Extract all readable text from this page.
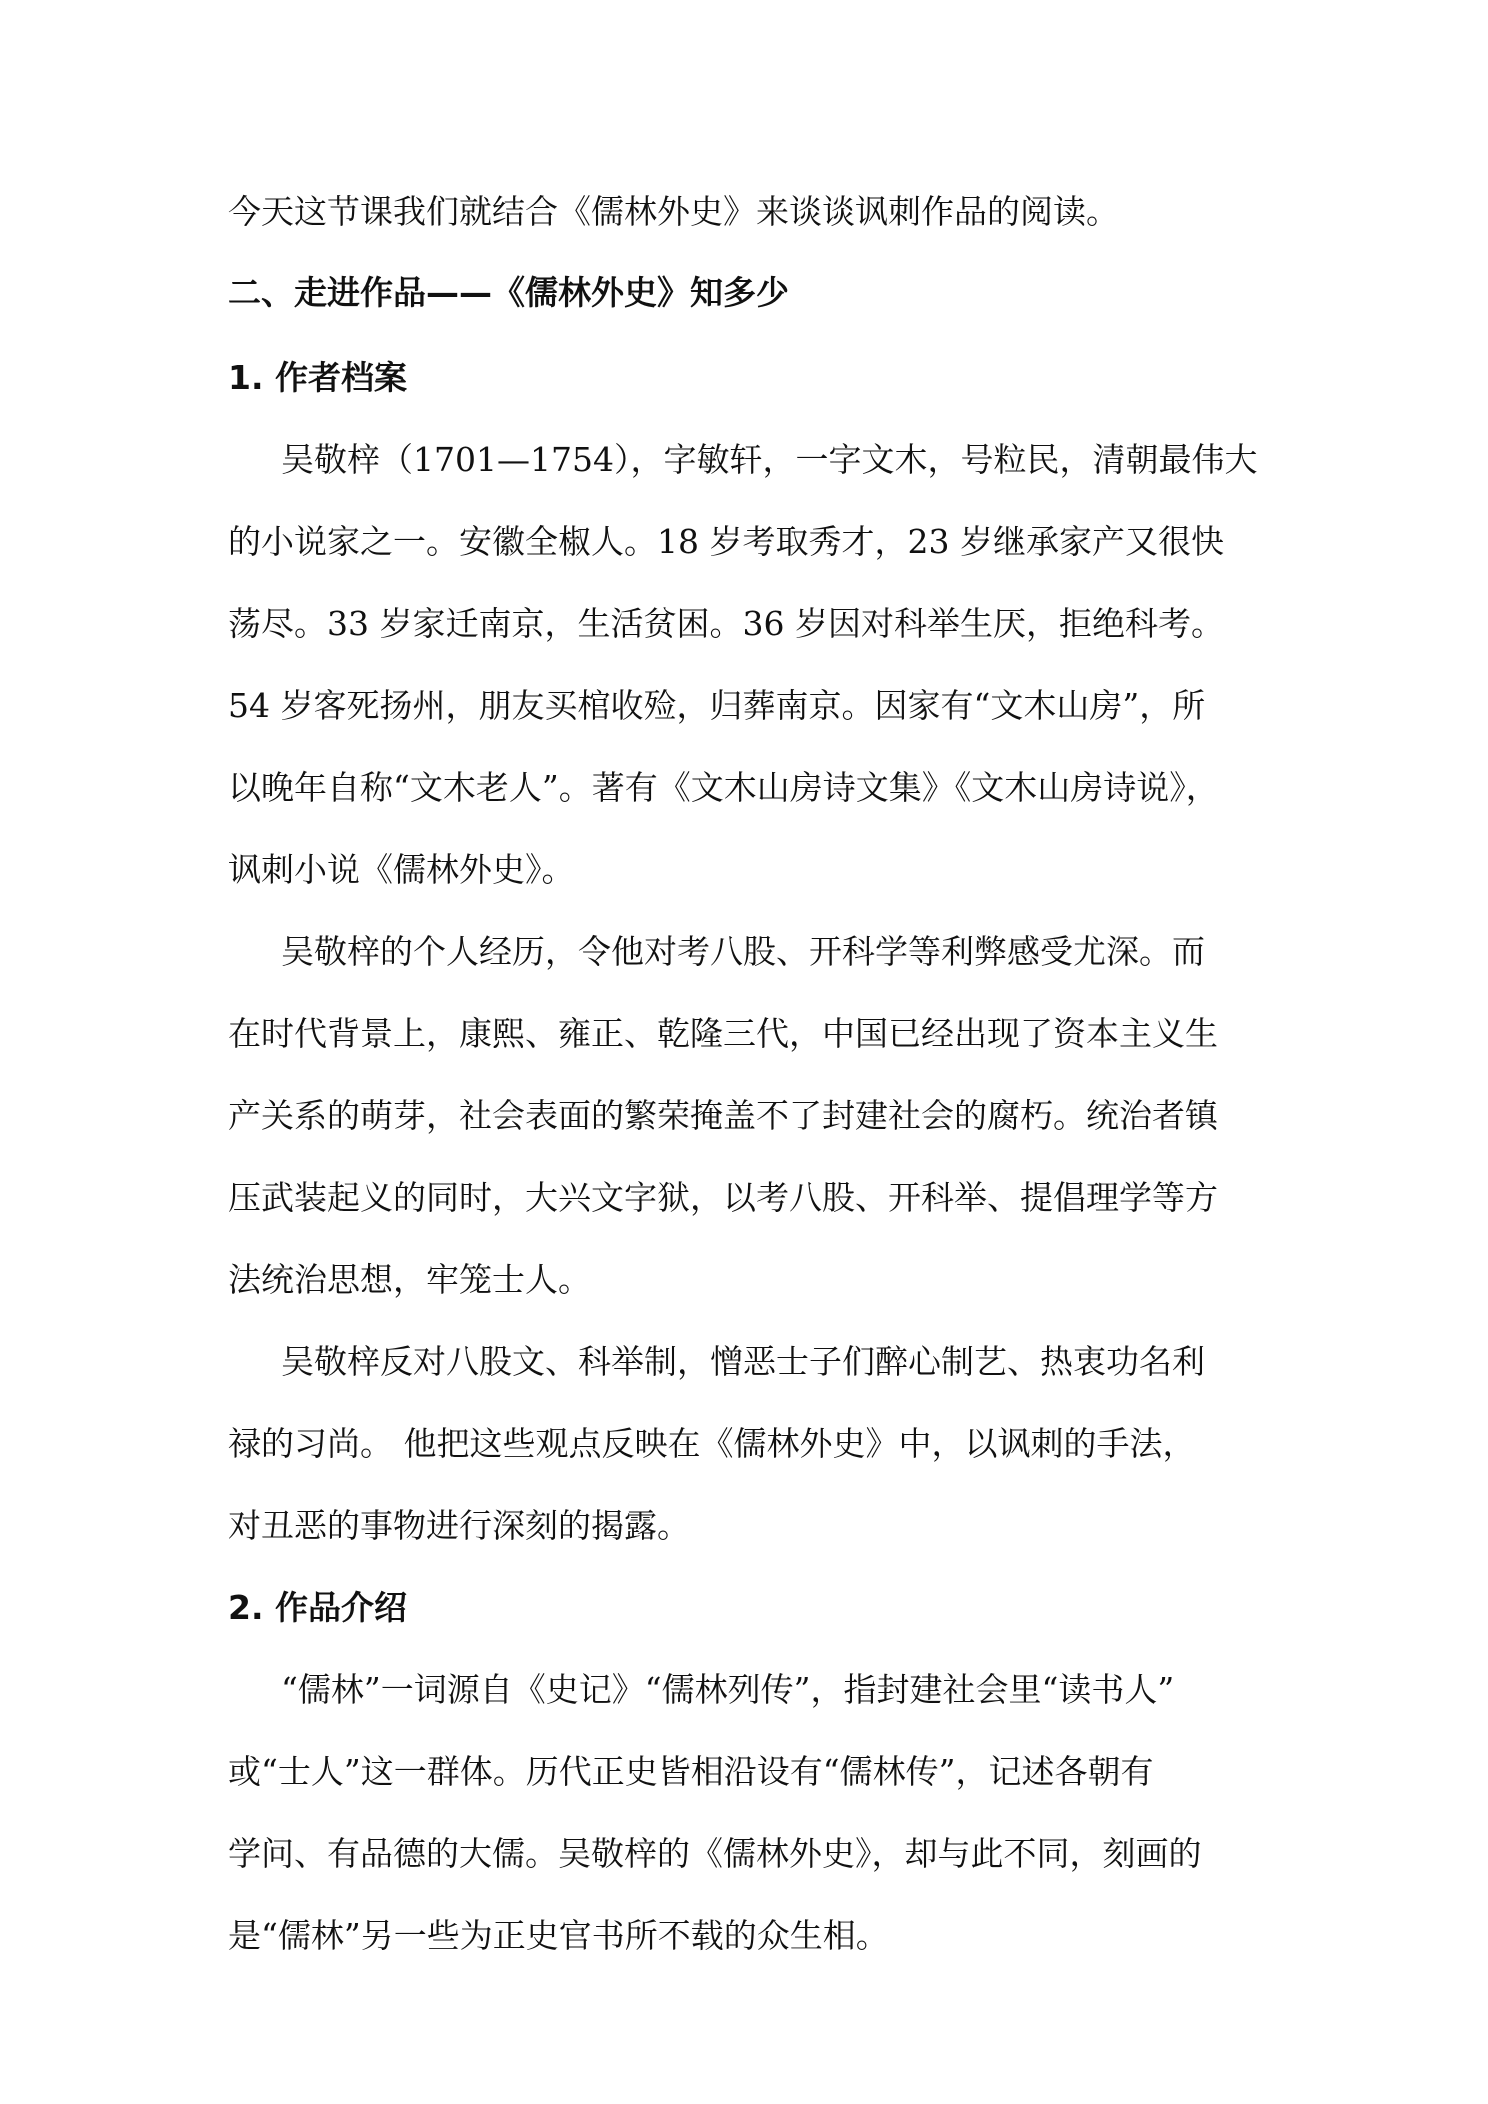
今天这节课我们就结合《儒林外史》来谈谈讽刺作品的阅读。
二、走进作品——《儒林外史》知多少
1. 作者档案
吴敬梓（1701—1754），字敏轩，一字文木，号粒民，清朝最伟大
的小说家之一。安徽全椒人。18 岁考取秀才，23 岁继承家产又很快
荡尽。33 岁家迁南京，生活贫困。36 岁因对科举生厌，拒绝科考。
54 岁客死扬州，朋友买棺收殓，归葬南京。因家有“文木山房”，所
以晚年自称“文木老人”。著有《文木山房诗文集》《文木山房诗说》，
讽刺小说《儒林外史》。
吴敬梓的个人经历，令他对考八股、开科学等利弊感受尤深。而
在时代背景上，康熙、雍正、乾隆三代，中国已经出现了资本主义生
产关系的萌芽，社会表面的繁荣掩盖不了封建社会的腐朽。统治者镇
压武装起义的同时，大兴文字狱，以考八股、开科举、提倡理学等方
法统治思想，牢笼士人。
吴敬梓反对八股文、科举制，憎恶士子们醉心制艺、热衷功名利
禄的习尚。 他把这些观点反映在《儒林外史》中，以讽刺的手法，
对丑恶的事物进行深刻的揭露。
2. 作品介绍
“儒林”一词源自《史记》“儒林列传”，指封建社会里“读书人”
或“士人”这一群体。历代正史皆相沿设有“儒林传”，记述各朝有
学问、有品德的大儒。吴敬梓的《儒林外史》，却与此不同，刻画的
是“儒林”另一些为正史官书所不载的众生相。
